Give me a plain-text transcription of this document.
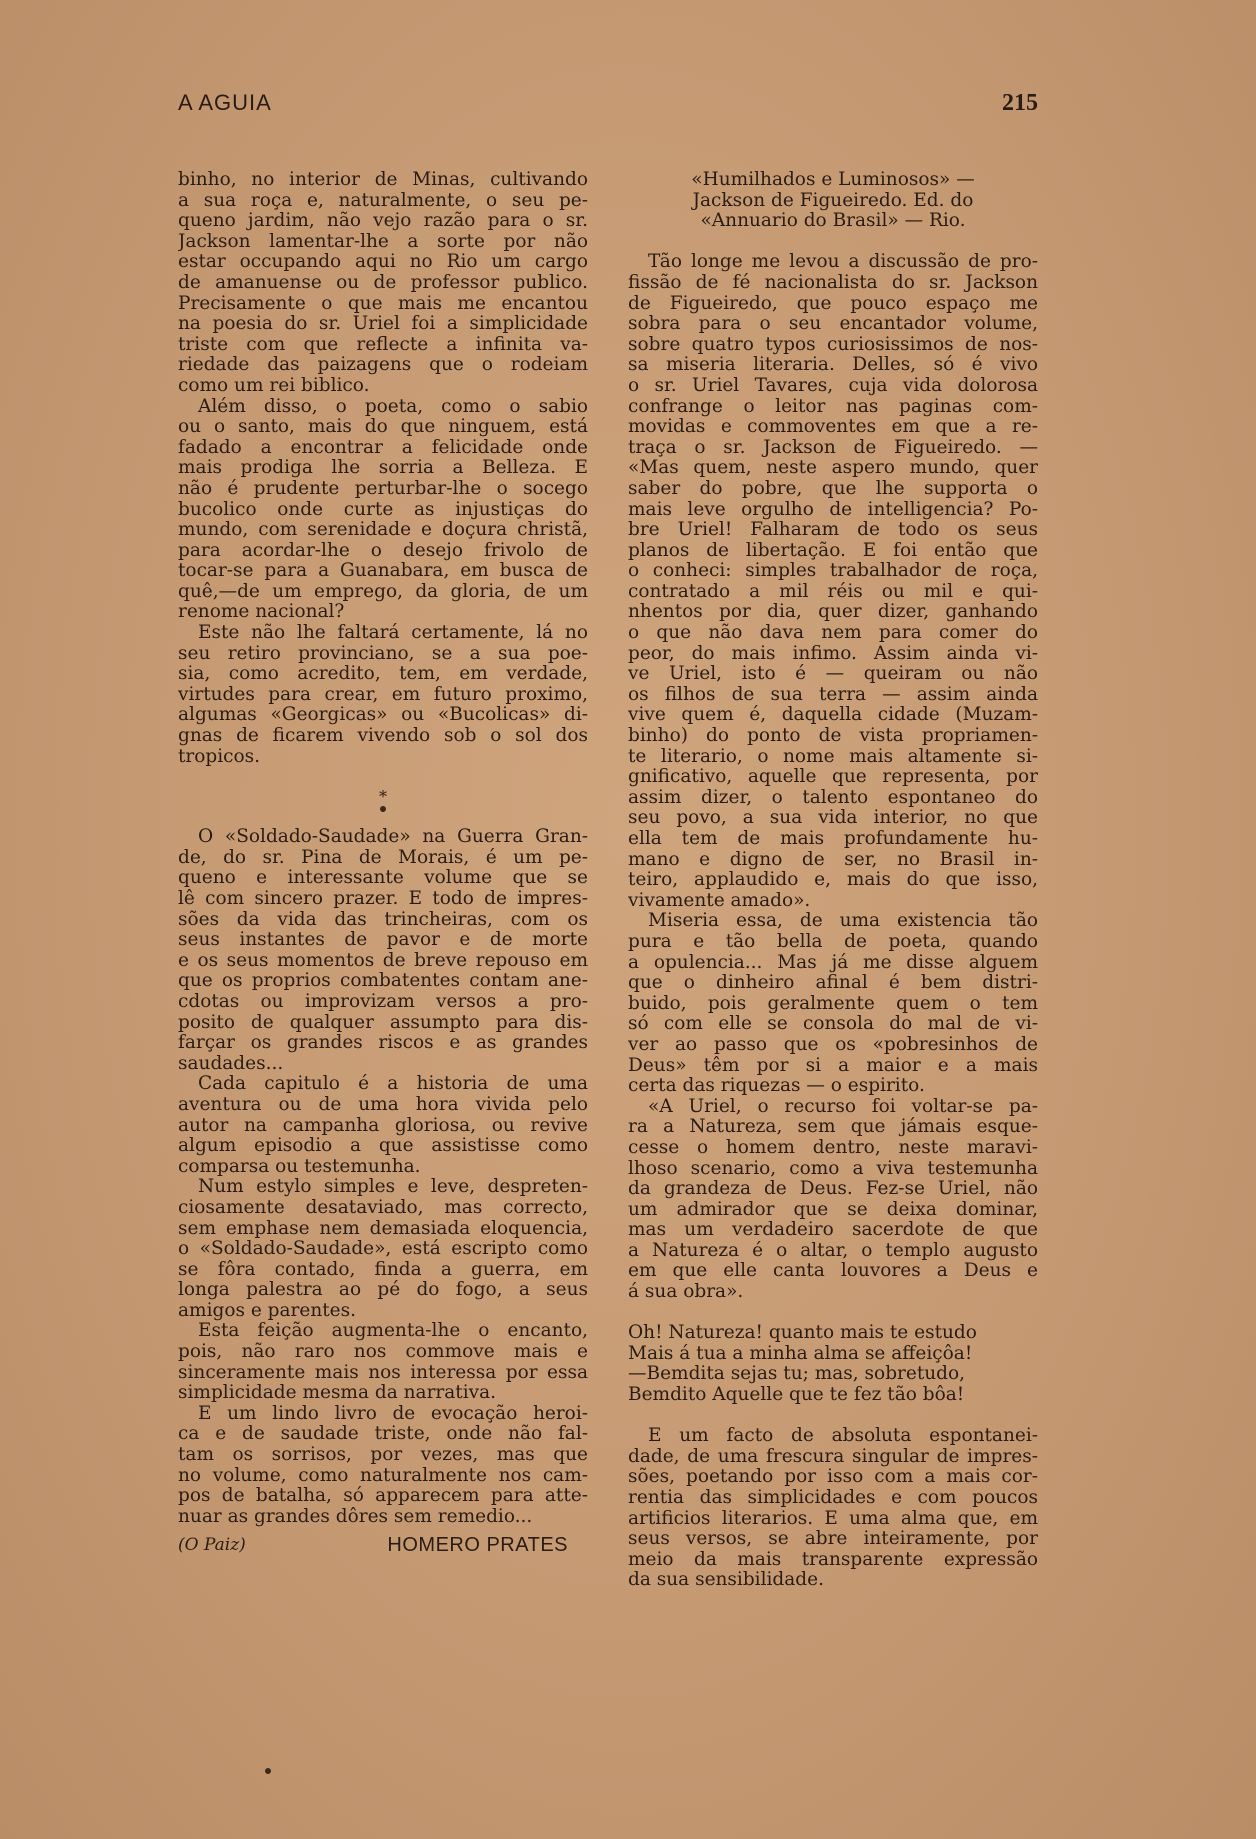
A AGUIA	215
binho, no interior de Minas, cultivando
a sua roça e, naturalmente, o seu pe-
queno jardim, não vejo razão para o sr.
Jackson lamentar-lhe a sorte por não
estar occupando aqui no Rio um cargo
de amanuense ou de professor publico.
Precisamente o que mais me encantou
na poesia do sr. Uriel foi a simplicidade
triste com que reflecte a infinita va-
riedade das paizagens que o rodeiam
como um rei biblico.
Além disso, o poeta, como o sabio
ou o santo, mais do que ninguem, está
fadado a encontrar a felicidade onde
mais prodiga lhe sorria a Belleza. E
não é prudente perturbar-lhe o socego
bucolico onde curte as injustiças do
mundo, com serenidade e doçura christã,
para acordar-lhe o desejo frivolo de
tocar-se para a Guanabara, em busca de
quê,—de um emprego, da gloria, de um
renome nacional?
Este não lhe faltará certamente, lá no
seu retiro provinciano, se a sua poe-
sia, como acredito, tem, em verdade,
virtudes para crear, em futuro proximo,
algumas «Georgicas» ou «Bucolicas» di-
gnas de ficarem vivendo sob o sol dos
tropicos.
*
O «Soldado-Saudade» na Guerra Gran-
de, do sr. Pina de Morais, é um pe-
queno e interessante volume que se
lê com sincero prazer. É todo de impres-
sões da vida das trincheiras, com os
seus instantes de pavor e de morte
e os seus momentos de breve repouso em
que os proprios combatentes contam ane-
cdotas ou improvizam versos a pro-
posito de qualquer assumpto para dis-
farçar os grandes riscos e as grandes
saudades...
Cada capitulo é a historia de uma
aventura ou de uma hora vivida pelo
autor na campanha gloriosa, ou revive
algum episodio a que assistisse como
comparsa ou testemunha.
Num estylo simples e leve, despreten-
ciosamente desataviado, mas correcto,
sem emphase nem demasiada eloquencia,
o «Soldado-Saudade», está escripto como
se fôra contado, finda a guerra, em
longa palestra ao pé do fogo, a seus
amigos e parentes.
Esta feição augmenta-lhe o encanto,
pois, não raro nos commove mais e
sinceramente mais nos interessa por essa
simplicidade mesma da narrativa.
É um lindo livro de evocação heroi-
ca e de saudade triste, onde não fal-
tam os sorrisos, por vezes, mas que
no volume, como naturalmente nos cam-
pos de batalha, só apparecem para atte-
nuar as grandes dôres sem remedio...
(O Paiz)	HOMERO PRATES
«Humilhados e Luminosos» —
Jackson de Figueiredo. Ed. do
«Annuario do Brasil» — Rio.
Tão longe me levou a discussão de pro-
fissão de fé nacionalista do sr. Jackson
de Figueiredo, que pouco espaço me
sobra para o seu encantador volume,
sobre quatro typos curiosissimos de nos-
sa miseria literaria. Delles, só é vivo
o sr. Uriel Tavares, cuja vida dolorosa
confrange o leitor nas paginas com-
movidas e commoventes em que a re-
traça o sr. Jackson de Figueiredo. —
«Mas quem, neste aspero mundo, quer
saber do pobre, que lhe supporta o
mais leve orgulho de intelligencia? Po-
bre Uriel! Falharam de todo os seus
planos de libertação. E foi então que
o conheci: simples trabalhador de roça,
contratado a mil réis ou mil e qui-
nhentos por dia, quer dizer, ganhando
o que não dava nem para comer do
peor, do mais infimo. Assim ainda vi-
ve Uriel, isto é — queiram ou não
os filhos de sua terra — assim ainda
vive quem é, daquella cidade (Muzam-
binho) do ponto de vista propriamen-
te literario, o nome mais altamente si-
gnificativo, aquelle que representa, por
assim dizer, o talento espontaneo do
seu povo, a sua vida interior, no que
ella tem de mais profundamente hu-
mano e digno de ser, no Brasil in-
teiro, applaudido e, mais do que isso,
vivamente amado».
Miseria essa, de uma existencia tão
pura e tão bella de poeta, quando
a opulencia... Mas já me disse alguem
que o dinheiro afinal é bem distri-
buido, pois geralmente quem o tem
só com elle se consola do mal de vi-
ver ao passo que os «pobresinhos de
Deus» têm por si a maior e a mais
certa das riquezas — o espirito.
«A Uriel, o recurso foi voltar-se pa-
ra a Natureza, sem que jámais esque-
cesse o homem dentro, neste maravi-
lhoso scenario, como a viva testemunha
da grandeza de Deus. Fez-se Uriel, não
um admirador que se deixa dominar,
mas um verdadeiro sacerdote de que
a Natureza é o altar, o templo augusto
em que elle canta louvores a Deus e
á sua obra».
Oh! Natureza! quanto mais te estudo
Mais á tua a minha alma se affeiçôa!
—Bemdita sejas tu; mas, sobretudo,
Bemdito Aquelle que te fez tão bôa!
É um facto de absoluta espontanei-
dade, de uma frescura singular de impres-
sões, poetando por isso com a mais cor-
rentia das simplicidades e com poucos
artificios literarios. É uma alma que, em
seus versos, se abre inteiramente, por
meio da mais transparente expressão
da sua sensibilidade.
